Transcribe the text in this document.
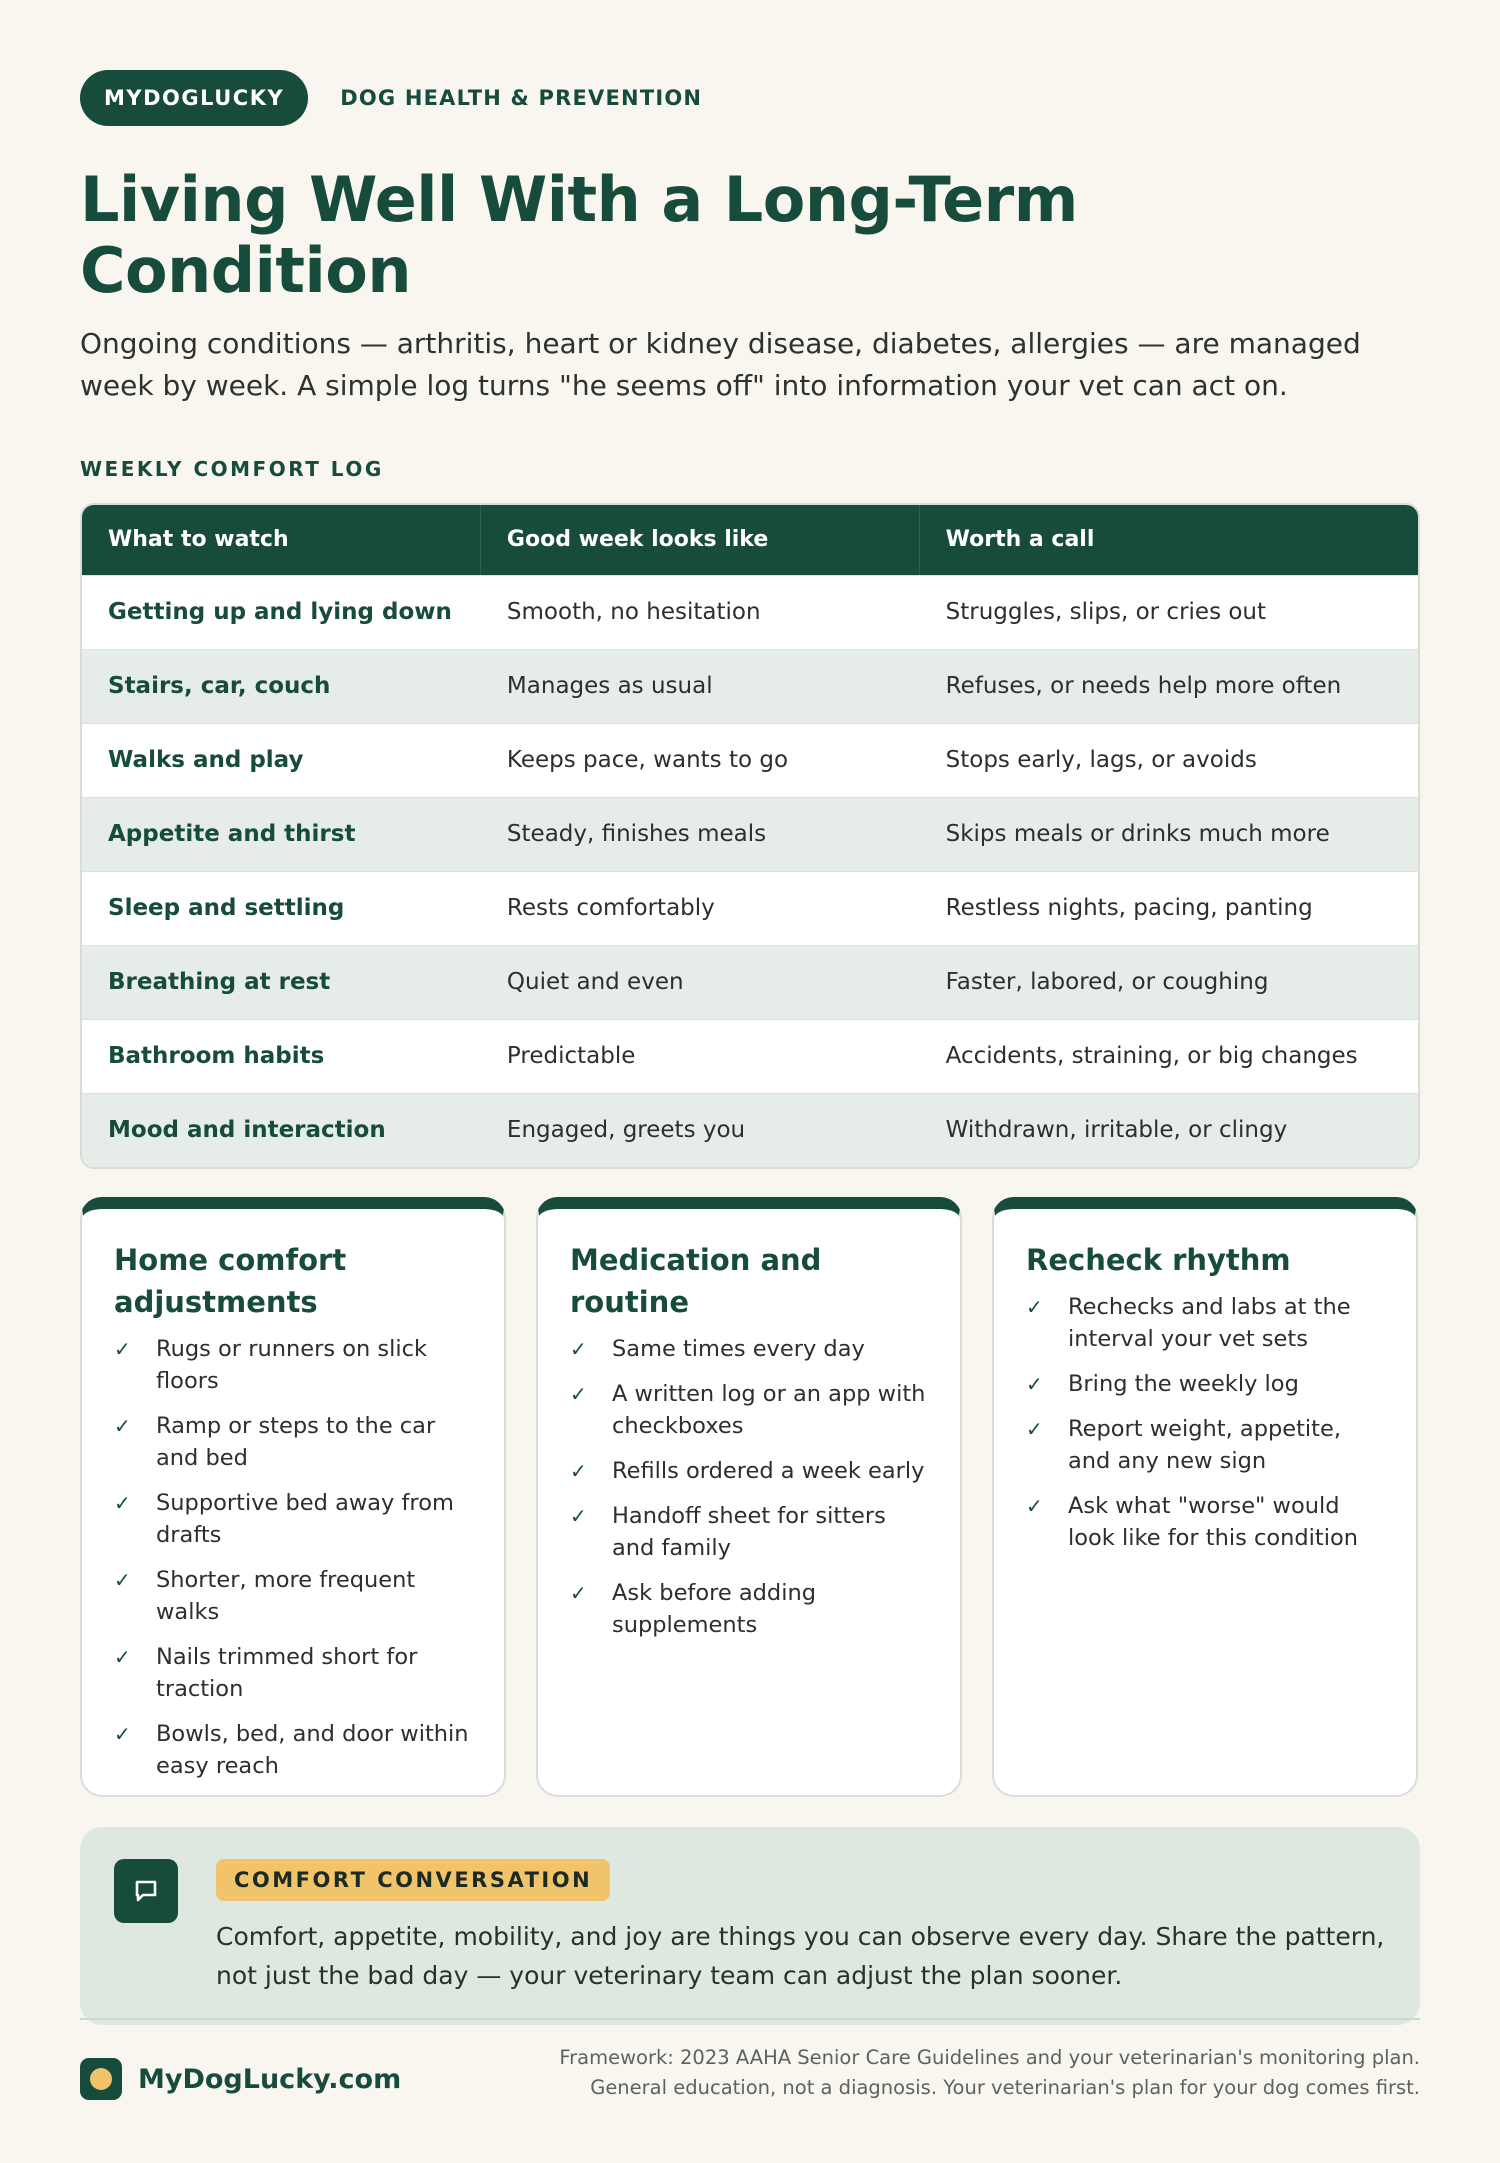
MYDOGLUCKY	DOG HEALTH & PREVENTION
Living Well With a Long-Term Condition

Ongoing conditions — arthritis, heart or kidney disease, diabetes, allergies — are managed week by week. A simple log turns "he seems off" into information your vet can act on.

WEEKLY COMFORT LOG
What to watch	Good week looks like	Worth a call
Getting up and lying down	Smooth, no hesitation	Struggles, slips, or cries out
Stairs, car, couch	Manages as usual	Refuses, or needs help more often
Walks and play	Keeps pace, wants to go	Stops early, lags, or avoids
Appetite and thirst	Steady, finishes meals	Skips meals or drinks much more
Sleep and settling	Rests comfortably	Restless nights, pacing, panting
Breathing at rest	Quiet and even	Faster, labored, or coughing
Bathroom habits	Predictable	Accidents, straining, or big changes
Mood and interaction	Engaged, greets you	Withdrawn, irritable, or clingy
Home comfort adjustments
✓	Rugs or runners on slick floors
✓	Ramp or steps to the car and bed
✓	Supportive bed away from drafts
✓	Shorter, more frequent walks
✓	Nails trimmed short for traction
✓	Bowls, bed, and door within easy reach
Medication and routine
✓	Same times every day
✓	A written log or an app with checkboxes
✓	Refills ordered a week early
✓	Handoff sheet for sitters and family
✓	Ask before adding supplements
Recheck rhythm
✓	Rechecks and labs at the interval your vet sets
✓	Bring the weekly log
✓	Report weight, appetite, and any new sign
✓	Ask what "worse" would look like for this condition
COMFORT CONVERSATION

Comfort, appetite, mobility, and joy are things you can observe every day. Share the pattern, not just the bad day — your veterinary team can adjust the plan sooner.

MyDogLucky.com
Framework: 2023 AAHA Senior Care Guidelines and your veterinarian's monitoring plan.
General education, not a diagnosis. Your veterinarian's plan for your dog comes first.
